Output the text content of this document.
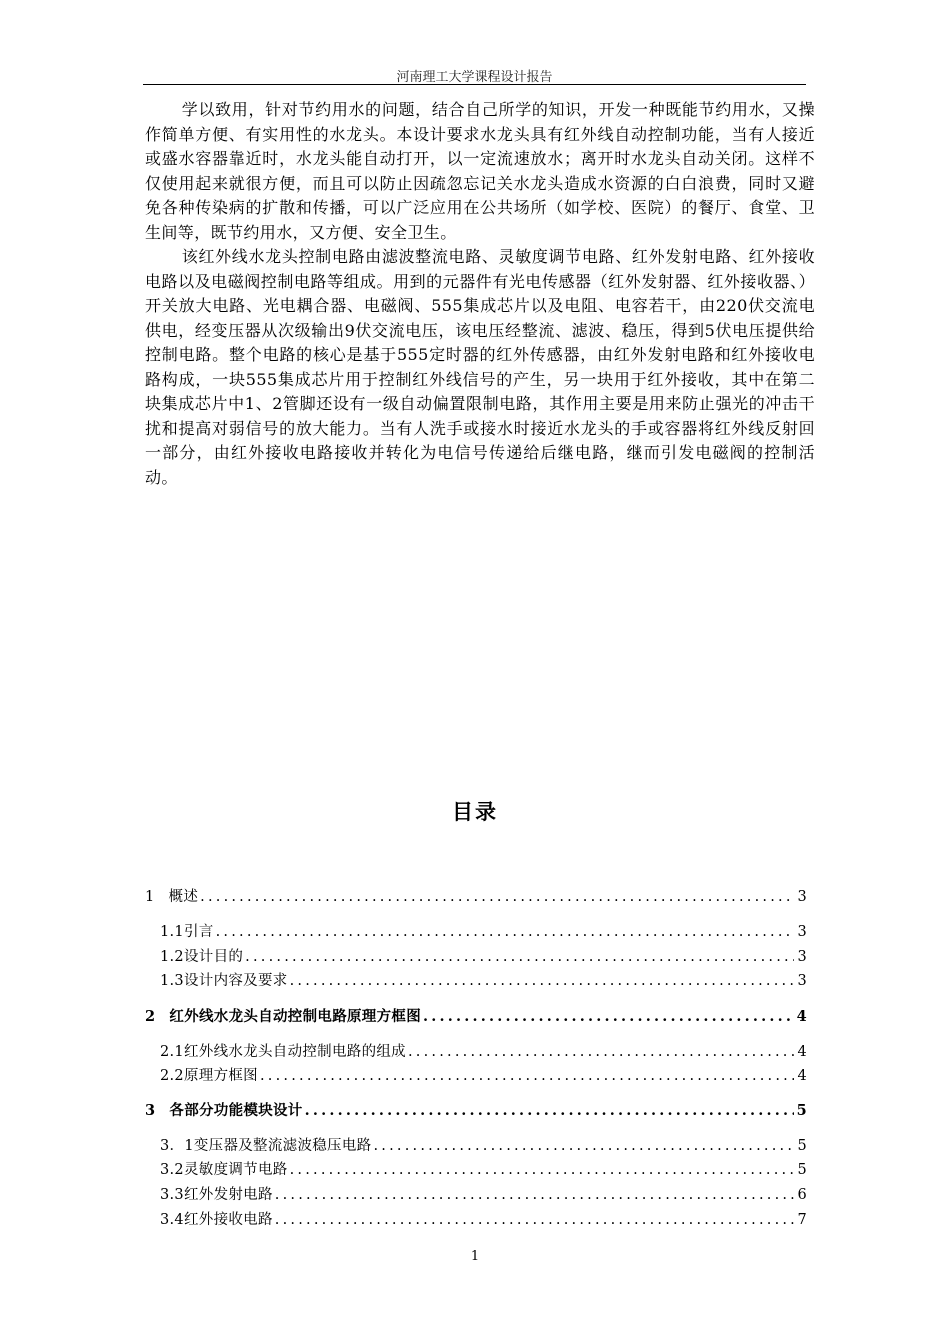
河南理工大学课程设计报告

学以致用，针对节约用水的问题，结合自己所学的知识，开发一种既能节约用水，又操作简单方便、有实用性的水龙头。本设计要求水龙头具有红外线自动控制功能，当有人接近或盛水容器靠近时，水龙头能自动打开，以一定流速放水；离开时水龙头自动关闭。这样不仅使用起来就很方便，而且可以防止因疏忽忘记关水龙头造成水资源的白白浪费，同时又避免各种传染病的扩散和传播，可以广泛应用在公共场所（如学校、医院）的餐厅、食堂、卫生间等，既节约用水，又方便、安全卫生。

该红外线水龙头控制电路由滤波整流电路、灵敏度调节电路、红外发射电路、红外接收电路以及电磁阀控制电路等组成。用到的元器件有光电传感器（红外发射器、红外接收器、）开关放大电路、光电耦合器、电磁阀、555集成芯片以及电阻、电容若干，由220伏交流电供电，经变压器从次级输出9伏交流电压，该电压经整流、滤波、稳压，得到5伏电压提供给控制电路。整个电路的核心是基于555定时器的红外传感器，由红外发射电路和红外接收电路构成，一块555集成芯片用于控制红外线信号的产生，另一块用于红外接收，其中在第二块集成芯片中1、2管脚还设有一级自动偏置限制电路，其作用主要是用来防止强光的冲击干扰和提高对弱信号的放大能力。当有人洗手或接水时接近水龙头的手或容器将红外线反射回一部分，由红外接收电路接收并转化为电信号传递给后继电路，继而引发电磁阀的控制活动。

目录
1 概述 .....	3
1.1 引言 .....	3
1.2 设计目的 .....	3
1.3 设计内容及要求 .....	3
2 红外线水龙头自动控制电路原理方框图 .....	4
2.1 红外线水龙头自动控制电路的组成 .....	4
2.2 原理方框图 .....	4
3 各部分功能模块设计 .....	5
3．1 变压器及整流滤波稳压电路 .....	5
3.2 灵敏度调节电路 .....	5
3.3 红外发射电路 .....	6
3.4 红外接收电路 .....	7
1
